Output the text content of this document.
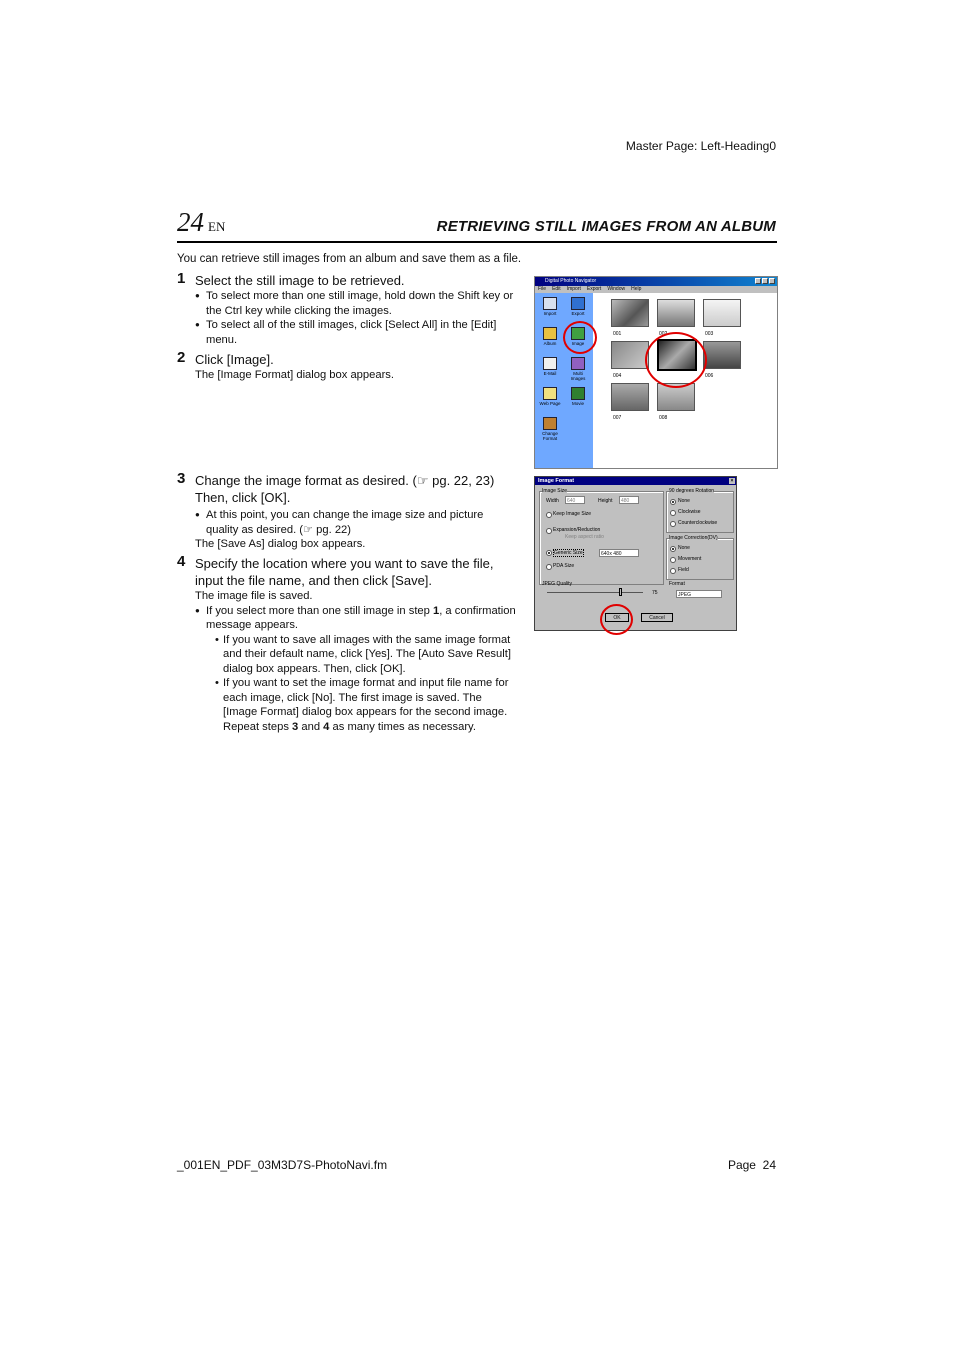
Master Page: Left-Heading0
24 EN	RETRIEVING STILL IMAGES FROM AN ALBUM
You can retrieve still images from an album and save them as a file.
1 Select the still image to be retrieved.
● To select more than one still image, hold down the Shift key or the Ctrl key while clicking the images.
● To select all of the still images, click [Select All] in the [Edit] menu.
2 Click [Image].
The [Image Format] dialog box appears.
3 Change the image format as desired. (☞ pg. 22, 23) Then, click [OK].
● At this point, you can change the image size and picture quality as desired. (☞ pg. 22)
The [Save As] dialog box appears.
4 Specify the location where you want to save the file, input the file name, and then click [Save].
The image file is saved.
● If you select more than one still image in step 1, a confirmation message appears.
• If you want to save all images with the same image format and their default name, click [Yes]. The [Auto Save Result] dialog box appears. Then, click [OK].
• If you want to set the image format and input file name for each image, click [No]. The first image is saved. The [Image Format] dialog box appears for the second image. Repeat steps 3 and 4 as many times as necessary.
Digital Photo Navigator
File Edit Import Export Window Help
Import	Export
Album	Image
E-Mail	Multi Images
Web Page	Movie
Change Format
001	002	003
004	005	006
007	008
Image Format	×
Image Size
Width	640	Height	480
Keep Image Size
Expansion/Reduction
Keep aspect ratio
Generic Size	640x 480
PDA Size
JPEG Quality
75
90 degrees Rotation
None
Clockwise
Counterclockwise
Image Correction(DV)
None
Movement
Field
Format
JPEG
OK	Cancel
_001EN_PDF_03M3D7S-PhotoNavi.fm	Page 24
